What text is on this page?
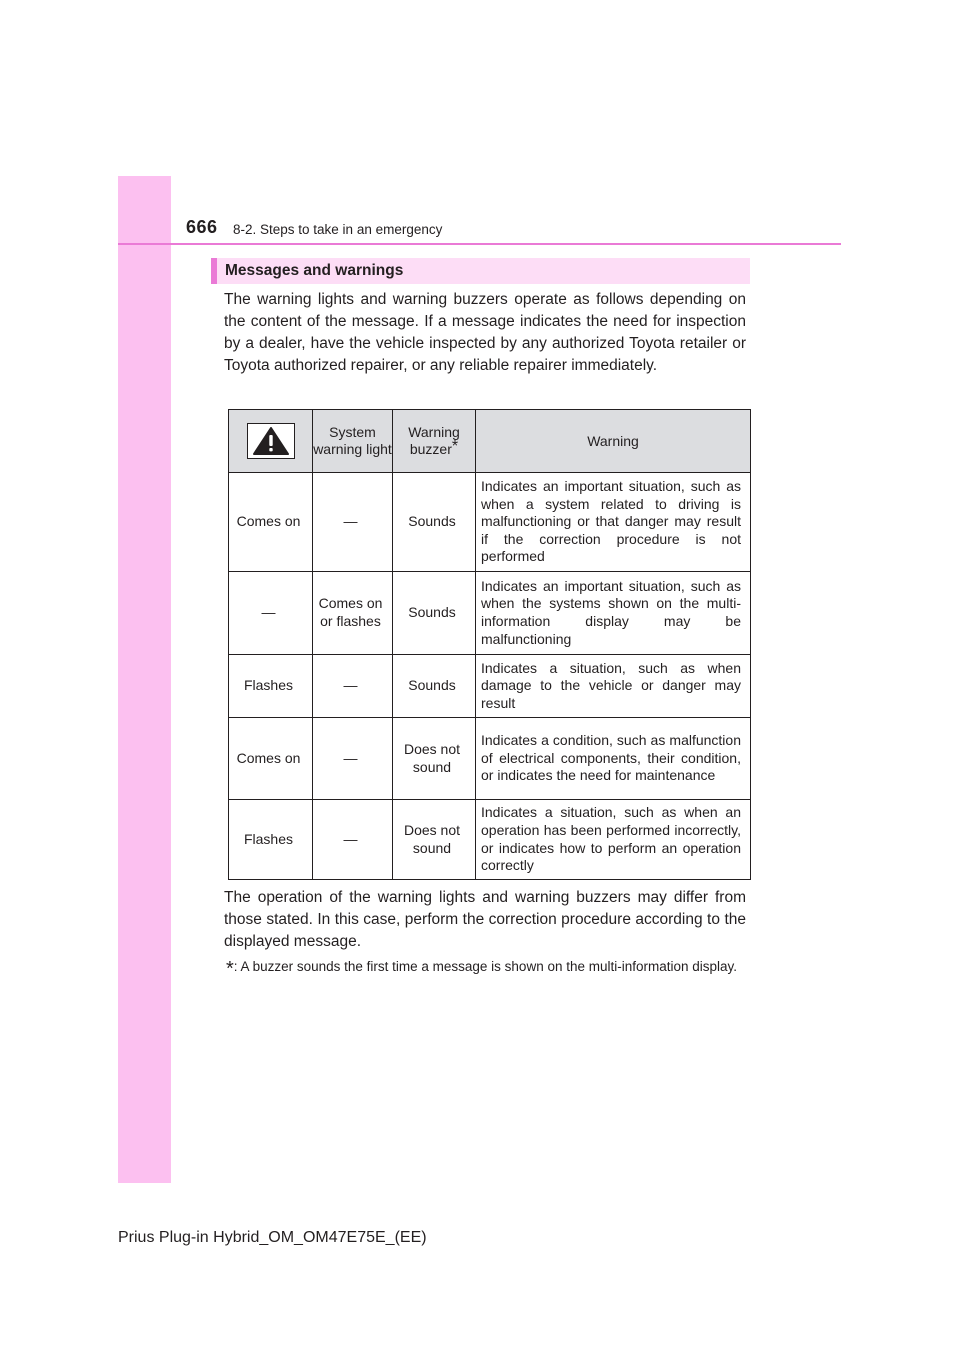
666 8-2. Steps to take in an emergency
Messages and warnings

The warning lights and warning buzzers operate as follows depending on the content of the message. If a message indicates the need for inspection by a dealer, have the vehicle inspected by any authorized Toyota retailer or Toyota authorized repairer, or any reliable repairer immediately.

	System warning light	Warning buzzer*	Warning
Comes on	—	Sounds	Indicates an important situation, such as when a system related to driving is malfunctioning or that danger may result if the correction procedure is not performed
—	Comes on or flashes	Sounds	Indicates an important situation, such as when the systems shown on the multi-information display may be malfunctioning
Flashes	—	Sounds	Indicates a situation, such as when damage to the vehicle or danger may result
Comes on	—	Does not sound	Indicates a condition, such as malfunction of electrical components, their condition, or indicates the need for maintenance
Flashes	—	Does not sound	Indicates a situation, such as when an operation has been performed incorrectly, or indicates how to perform an operation correctly

The operation of the warning lights and warning buzzers may differ from those stated. In this case, perform the correction procedure according to the displayed message.

*: A buzzer sounds the first time a message is shown on the multi-information display.

Prius Plug-in Hybrid_OM_OM47E75E_(EE)
